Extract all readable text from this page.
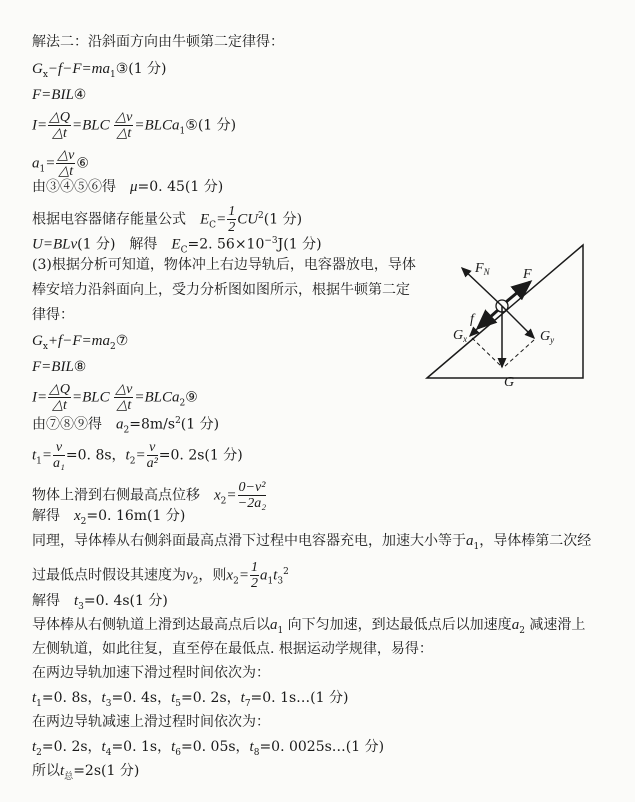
解法二：沿斜面方向由牛顿第二定律得：
$G_x-f-F=ma_1③(1$ 分)
F=BIL④
$I= \frac{\triangle Q}{\triangle t} =BLC \frac{\triangle v}{\triangle t}$ =BLCa$_1$⑤(1 分)
$a_1= \frac{\triangle v}{\triangle t}$ ⑥
由③④⑤⑥得　μ=0. 45(1 分)
根据电容器储存能量公式　$E_C= \frac{1}{2} CU^2(1$ 分)
U=BLv(1 分)　解得　$E_C=2$. $56\times 10^{-3}J(1$ 分)
(3)根据分析可知道，物体冲上右边导轨后，电容器放电，导体
棒安培力沿斜面向上，受力分析图如图所示，根据牛顿第二定
律得：
$G_x+f-F=ma_2⑦$
F=BIL⑧
$I= \frac{\triangle Q}{\triangle t} =BLC \frac{\triangle v}{\triangle t}$ =BLCa$_2$⑨
由⑦⑧⑨得　$a_2=8m/s^2(1$ 分)
$t_1= \frac{v}{\text{a₁}} =0$. 8s，$t_2= \frac{v}{\text{a²}} =0$. 2s(1 分)
物体上滑到右侧最高点位移　$x_2= \frac{\text{0−v²}}{\text{−2a₂}}$
解得　$x_2=0$. 16m(1 分)
同理，导体棒从右侧斜面最高点滑下过程中电容器充电，加速大小等于$a_1$，导体棒第二次经
过最低点时假设其速度为$v_2$，则$x_2= \frac{1}{2} a_1t_3^2$
解得　$t_3=0$. 4s(1 分)
导体棒从右侧轨道上滑到达最高点后以$a_1$ 向下匀加速，到达最低点后以加速度$a_2$ 减速滑上
左侧轨道，如此往复，直至停在最低点. 根据运动学规律，易得：
在两边导轨加速下滑过程时间依次为：
$t_1=0$. 8s，$t_3=0$. 4s，$t_5=0$. 2s，$t_7=0$. 1s…(1 分)
在两边导轨减速上滑过程时间依次为：
$t_2=0$. 2s，$t_4=0$. 1s，$t_6=0$. 05s，$t_8=0$. 0025s…(1 分)
所以$t_总=2s(1$ 分)
$F_N$ F
f
$G_x$	$G_y$
G
